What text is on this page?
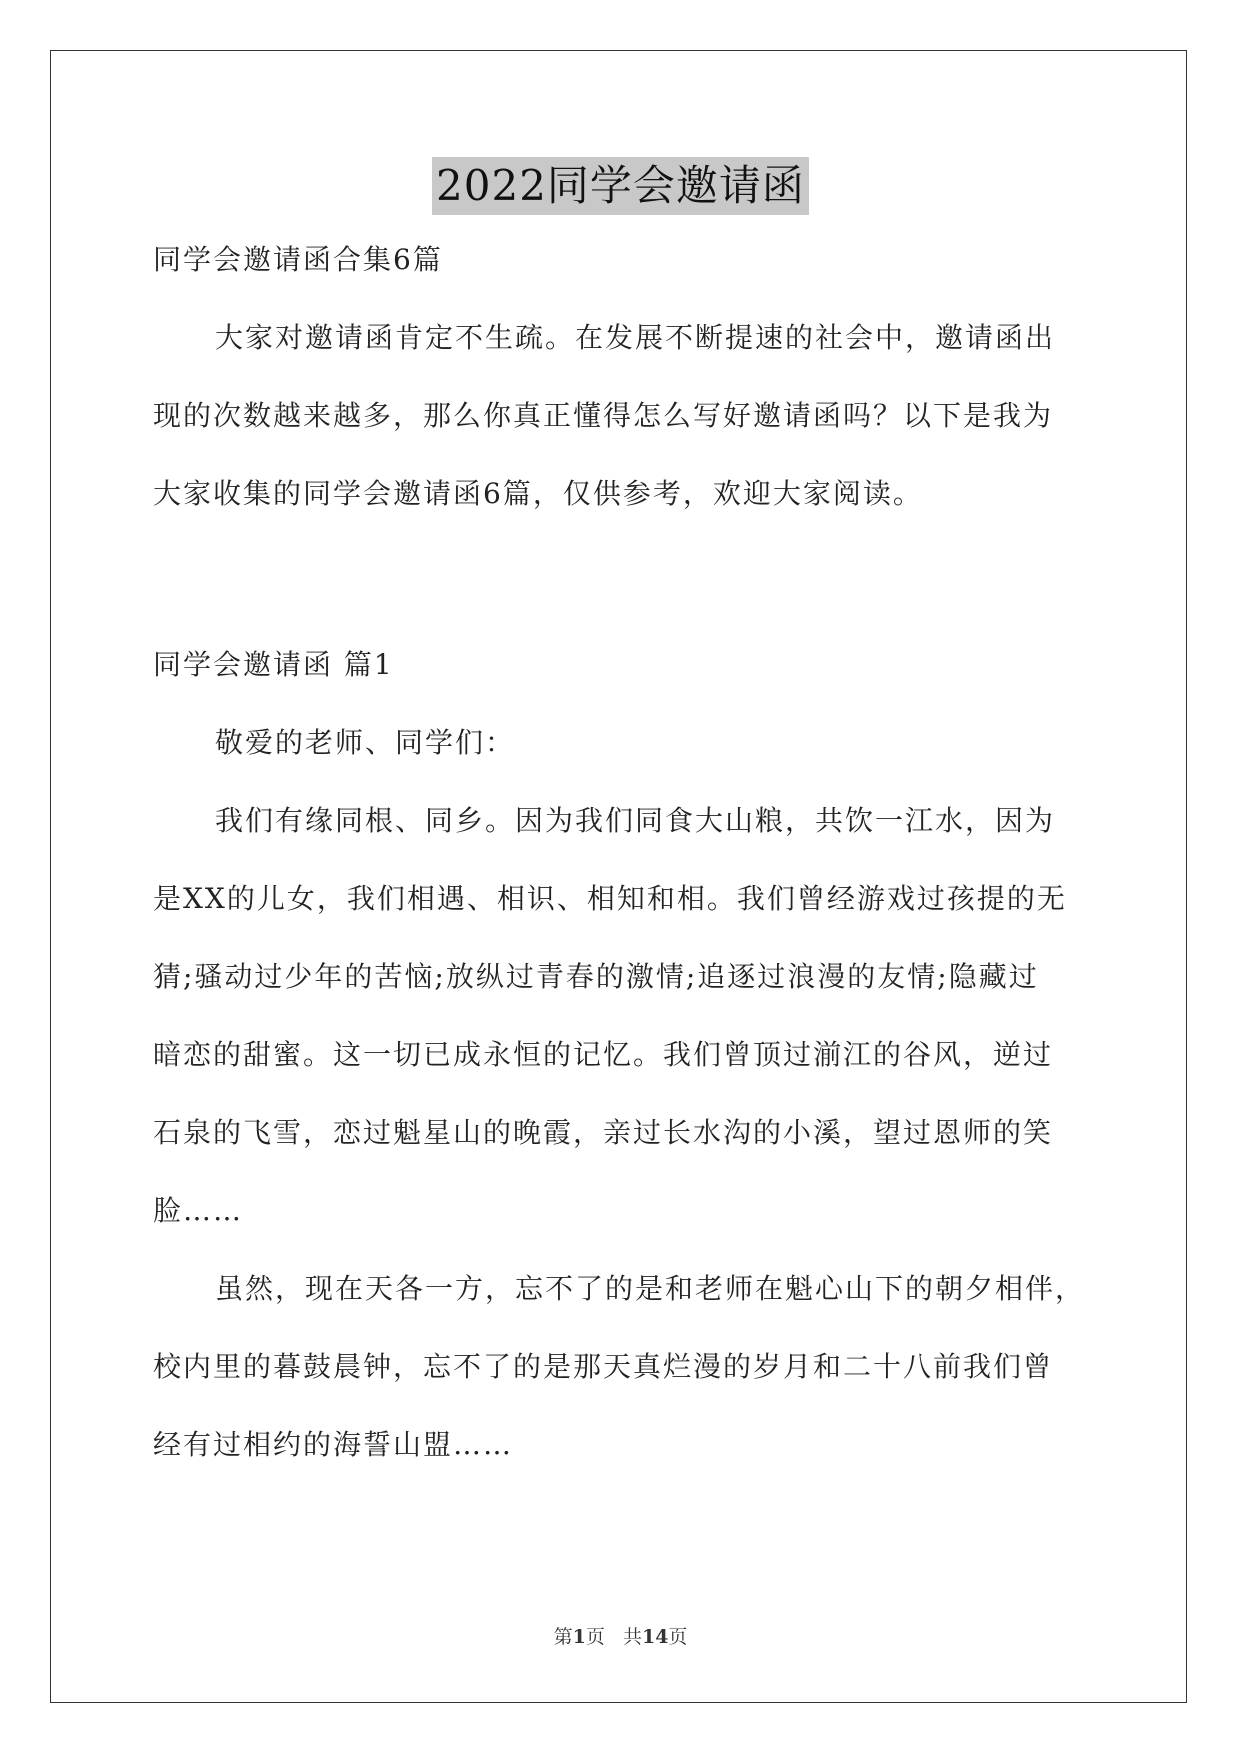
2022同学会邀请函
同学会邀请函合集6篇
大家对邀请函肯定不生疏。在发展不断提速的社会中，邀请函出
现的次数越来越多，那么你真正懂得怎么写好邀请函吗？以下是我为
大家收集的同学会邀请函6篇，仅供参考，欢迎大家阅读。
同学会邀请函 篇1
敬爱的老师、同学们：
我们有缘同根、同乡。因为我们同食大山粮，共饮一江水，因为
是XX的儿女，我们相遇、相识、相知和相。我们曾经游戏过孩提的无
猜;骚动过少年的苦恼;放纵过青春的激情;追逐过浪漫的友情;隐藏过
暗恋的甜蜜。这一切已成永恒的记忆。我们曾顶过湔江的谷风，逆过
石泉的飞雪，恋过魁星山的晚霞，亲过长水沟的小溪，望过恩师的笑
脸……
虽然，现在天各一方，忘不了的是和老师在魁心山下的朝夕相伴，
校内里的暮鼓晨钟，忘不了的是那天真烂漫的岁月和二十八前我们曾
经有过相约的海誓山盟……
第1页 共14页
